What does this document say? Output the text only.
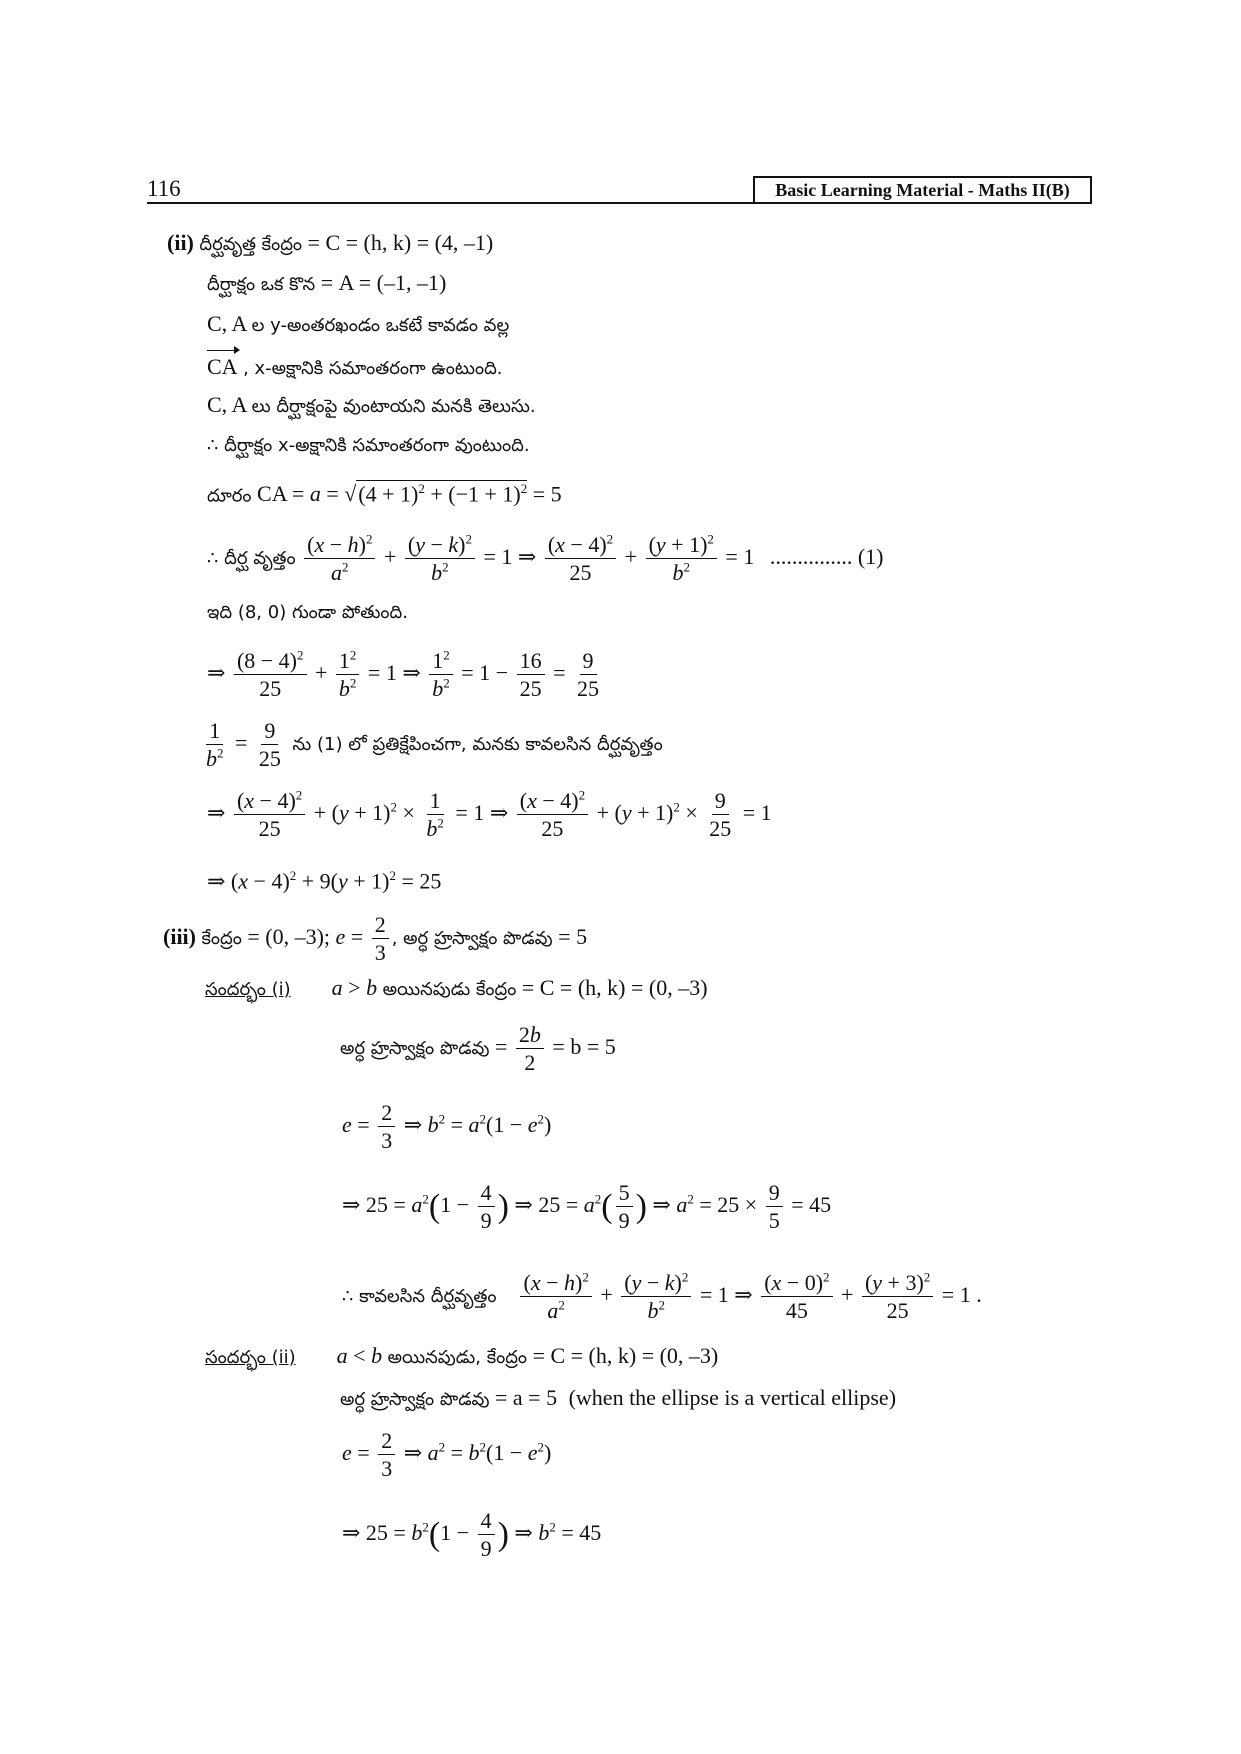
116	Basic Learning Material - Maths II(B)
(ii) దీర్ఘవృత్త కేంద్రం = C = (h, k) = (4, –1)
దీర్ఘాక్షం ఒక కొన = A = (–1, –1)
C, A ల y-అంతరఖండం ఒకటే కావడం వల్ల
CA , x-అక్షానికి సమాంతరంగా ఉంటుంది.
C, A లు దీర్ఘాక్షంపై వుంటాయని మనకి తెలుసు.
∴ దీర్ఘాక్షం x-అక్షానికి సమాంతరంగా వుంటుంది.
దూరం CA = $a = √(4 + 1)^2 + (-1 + 1)^2 = 5$
∴ దీర్ఘ వృత్తం $\frac{(x - h)^2}{a^2} + \frac{(y - k)^2}{b^2} = 1$ ⇒ $\frac{(x - 4)^2}{25} + \frac{(y + 1)^2}{b^2} = 1$ ............... (1)
ఇది (8, 0) గుండా పోతుంది.
⇒ $\frac{(8 - 4)^2}{25} + \frac{1^2}{b^2} = 1$ ⇒ $\frac{1^2}{b^2} = 1 - \frac{16}{25} = \frac{9}{25}$
$\frac{1}{b^2} = \frac{9}{25}$ ను (1) లో ప్రతిక్షేపించగా, మనకు కావలసిన దీర్ఘవృత్తం
⇒ $\frac{(x - 4)^2}{25} + (y + 1)^2 \times \frac{1}{b^2} = 1$ ⇒ $\frac{(x - 4)^2}{25} + (y + 1)^2 \times \frac{9}{25} = 1$
⇒ $(x - 4)^2 + 9(y + 1)^2 = 25$
(iii) కేంద్రం = (0, –3); $e = \frac{2}{3}$ , అర్ధ హ్రస్వాక్షం పొడవు = 5
సందర్భం (i) a > b అయినపుడు కేంద్రం = C = (h, k) = (0, –3)
అర్ధ హ్రస్వాక్షం పొడవు = $\frac{2b}{2} = b = 5$
$e = \frac{2}{3}$ ⇒ $b^2 = a^2(1 - e^2)$
⇒ $25 = a^2(1 - \frac{4}{9}$ ) ⇒ $25 = a^2( \frac{5}{9}$ ) ⇒ $a^2 = 25 \times \frac{9}{5} = 45$
∴ కావలసిన దీర్ఘవృత్తం $\frac{(x - h)^2}{a^2} + \frac{(y - k)^2}{b^2} = 1$ ⇒ $\frac{(x - 0)^2}{45} + \frac{(y + 3)^2}{25} = 1$ .
సందర్భం (ii) a < b అయినపుడు, కేంద్రం = C = (h, k) = (0, –3)
అర్ధ హ్రస్వాక్షం పొడవు = a = 5 (when the ellipse is a vertical ellipse)
$e = \frac{2}{3}$ ⇒ $a^2 = b^2(1 - e^2)$
⇒ $25 = b^2(1 - \frac{4}{9}$ ) ⇒ $b^2 = 45$
